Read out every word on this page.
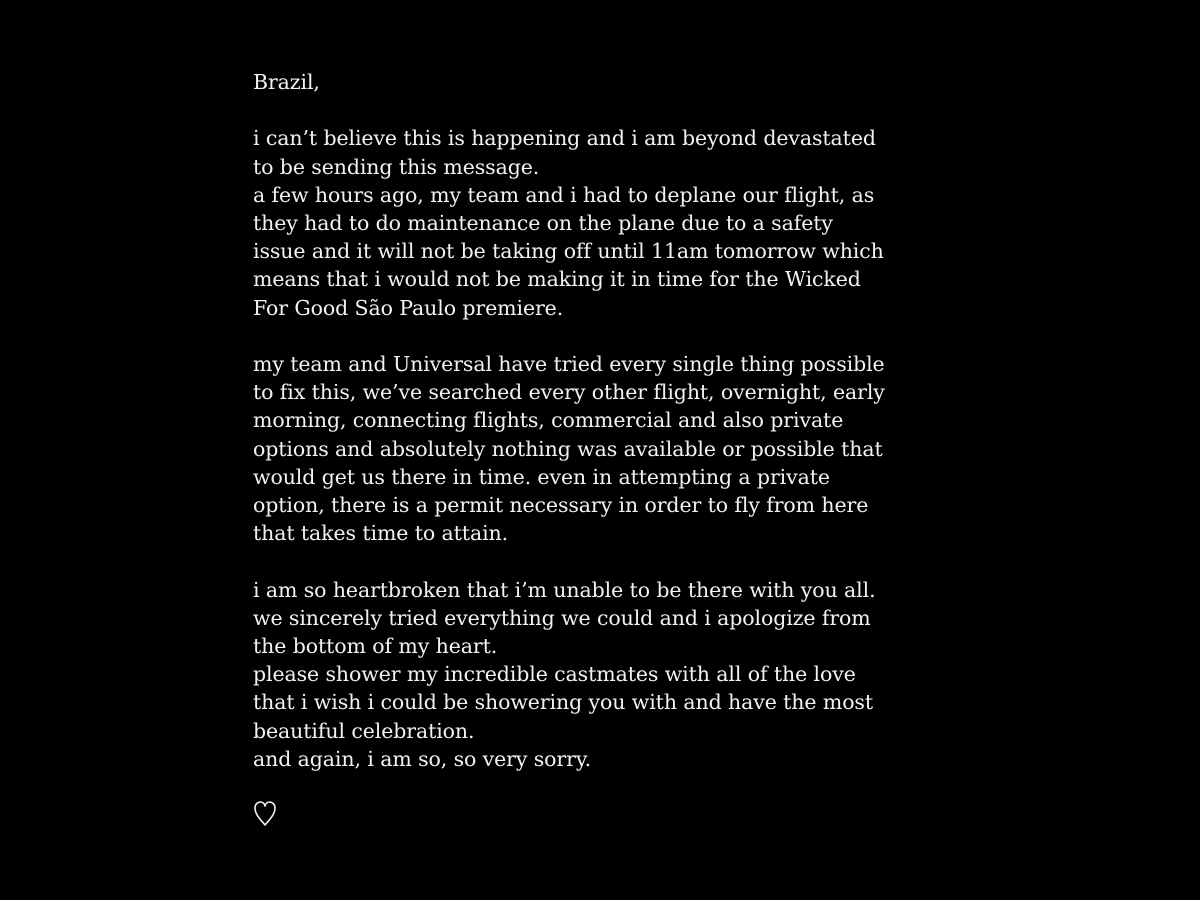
Brazil,
i can’t believe this is happening and i am beyond devastated
to be sending this message.
a few hours ago, my team and i had to deplane our flight, as
they had to do maintenance on the plane due to a safety
issue and it will not be taking off until 11am tomorrow which
means that i would not be making it in time for the Wicked
For Good São Paulo premiere.
my team and Universal have tried every single thing possible
to fix this, we’ve searched every other flight, overnight, early
morning, connecting flights, commercial and also private
options and absolutely nothing was available or possible that
would get us there in time. even in attempting a private
option, there is a permit necessary in order to fly from here
that takes time to attain.
i am so heartbroken that i’m unable to be there with you all.
we sincerely tried everything we could and i apologize from
the bottom of my heart.
please shower my incredible castmates with all of the love
that i wish i could be showering you with and have the most
beautiful celebration.
and again, i am so, so very sorry.
